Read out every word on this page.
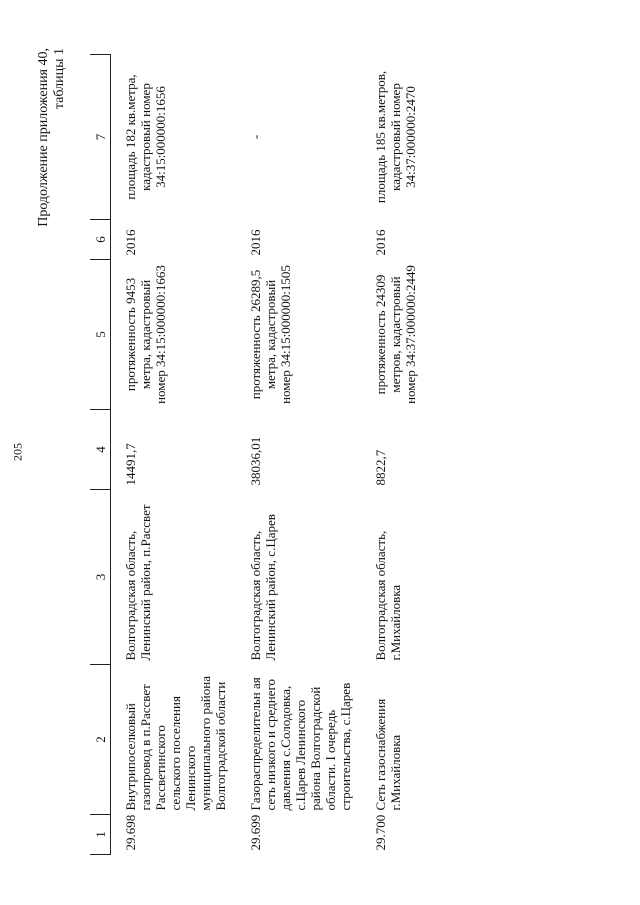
205
Продолжение приложения 40, таблицы 1
1	2	3	4	5	6	7
29.698	Внутрипоселковый газопровод в п.Рассвет Рассветинского сельского поселения Ленинского муниципального района Волгоградской области	Волгоградская область, Ленинский район, п.Рассвет	14491,7	протяженность 9453 метра, кадастровый номер 34:15:000000:1663	2016	площадь 182 кв.метра, кадастровый номер 34:15:000000:1656
29.699	Газораспределительн ая сеть низкого и среднего давления с.Солодовка, с.Царев Ленинского района Волгоградской области. I очередь строительства, с.Царев	Волгоградская область, Ленинский район, с.Царев	38036,01	протяженность 26289,5 метра, кадастровый номер 34:15:000000:1505	2016	-
29.700	Сеть газоснабжения г.Михайловка	Волгоградская область, г.Михайловка	8822,7	протяженность 24309 метров, кадастровый номер 34:37:000000:2449	2016	площадь 185 кв.метров, кадастровый номер 34:37:000000:2470
